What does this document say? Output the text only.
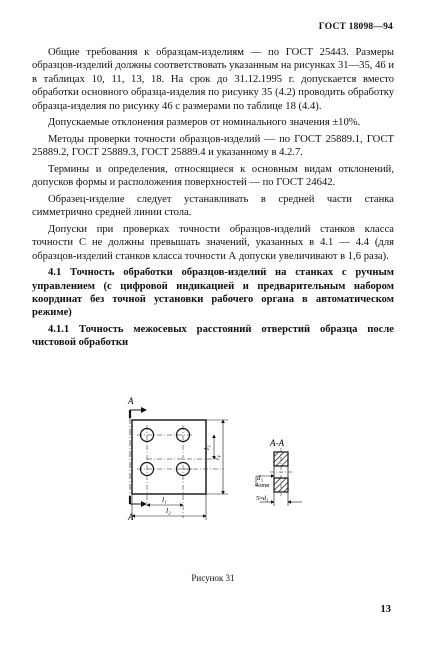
ГОСТ 18098—94

Общие требования к образцам-изделиям — по ГОСТ 25443. Размеры образцов-изделий должны соответствовать указанным на рисунках 31—35, 46 и в таблицах 10, 11, 13, 18. На срок до 31.12.1995 г. допускается вместо обработки основного образца-изделия по рисунку 35 (4.2) проводить обработку образца-изделия по рисунку 46 с размерами по таблице 18 (4.4).

Допускаемые отклонения размеров от номинального значения ±10%.

Методы проверки точности образцов-изделий — по ГОСТ 25889.1, ГОСТ 25889.2, ГОСТ 25889.3, ГОСТ 25889.4 и указанному в 4.2.7.

Термины и определения, относящиеся к основным видам отклонений, допусков формы и расположения поверхностей — по ГОСТ 24642.

Образец-изделие следует устанавливать в средней части станка симметрично средней линии стола.

Допуски при проверках точности образцов-изделий станков класса точности С не должны превышать значений, указанных в 4.1 — 4.4 (для образцов-изделий станков класса точности А допуски увеличивают в 1,6 раза).

4.1 Точность обработки образцов-изделий на станках с ручным управлением (с цифровой индикацией и предварительным набором координат без точной установки рабочего органа в автоматическом режиме)

4.1.1 Точность межосевых расстояний отверстий образца после чистовой обработки

А
А
l₃
l₄
l₁
l₂
А-А
d₃
4отв
5≈d₃
Рисунок 31
13
